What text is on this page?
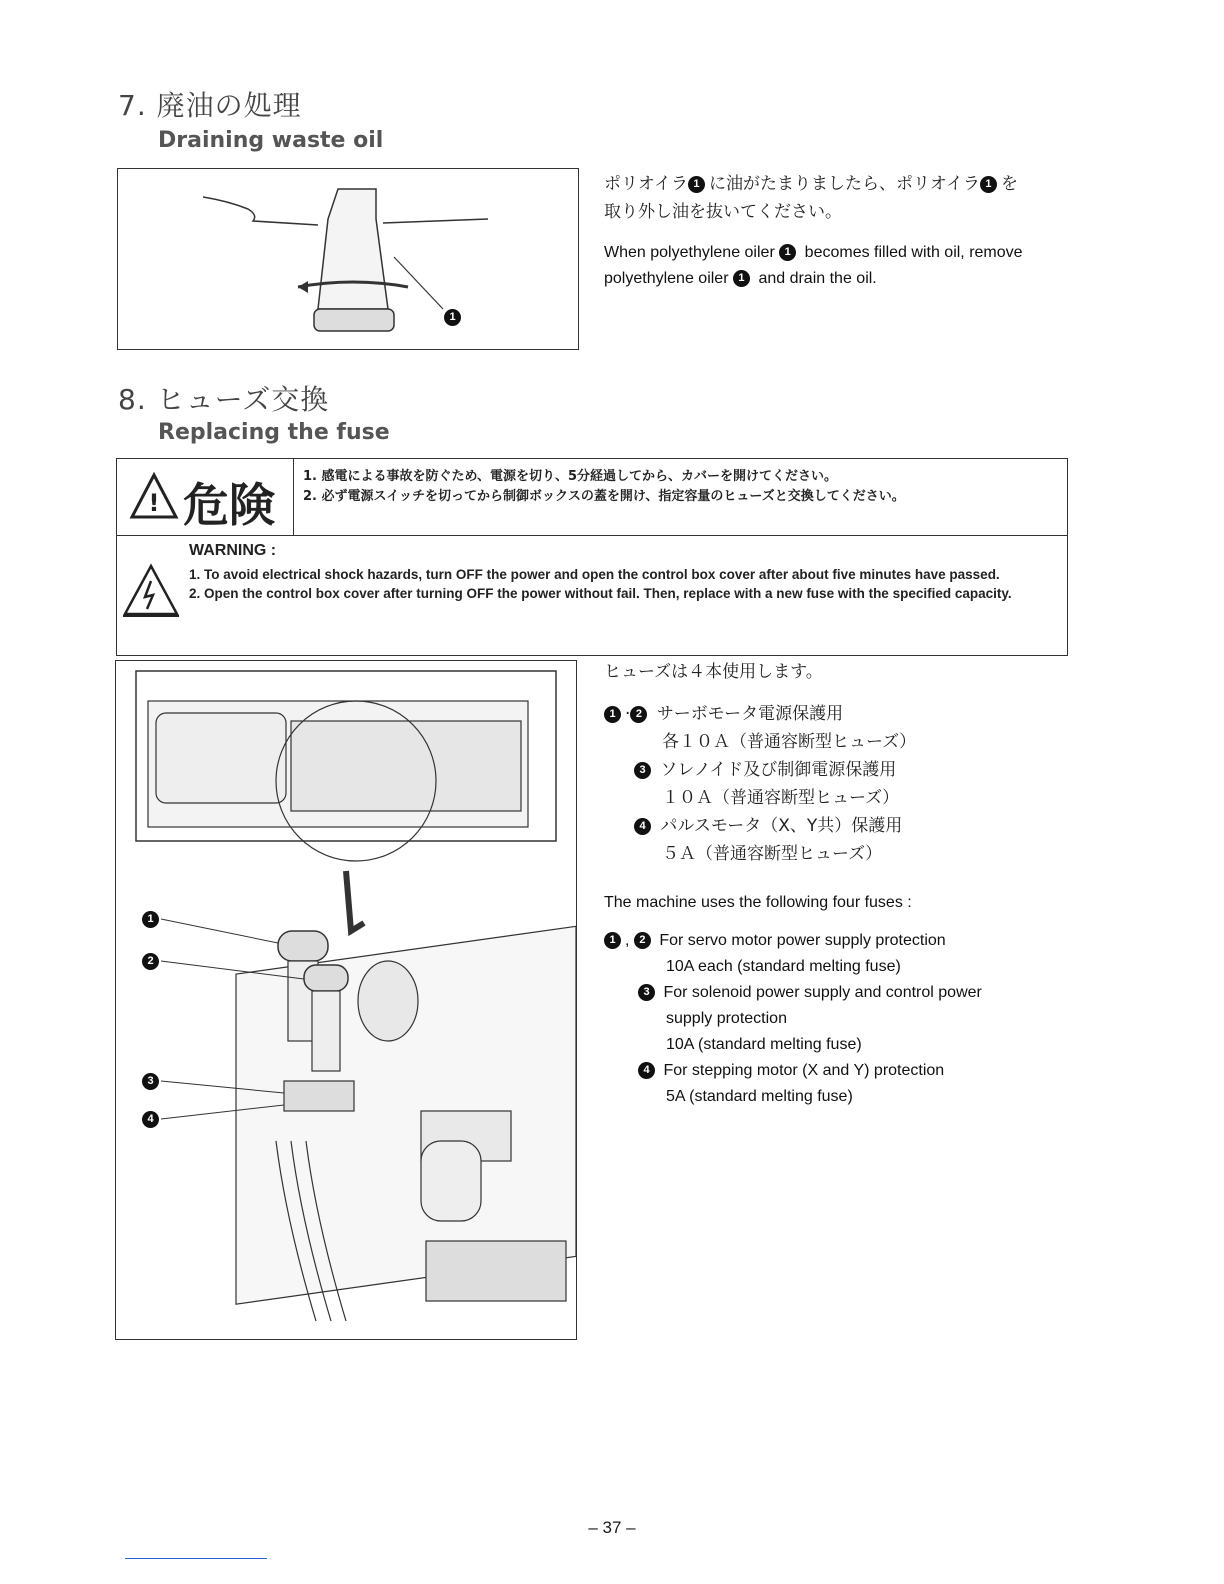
7. 廃油の処理
Draining waste oil
1
ポリオイラ 1 に油がたまりましたら、ポリオイラ 1 を
取り外し油を抜いてください。
When polyethylene oiler 1 becomes filled with oil, remove
polyethylene oiler 1 and drain the oil.
8. ヒューズ交換
Replacing the fuse
! 危険
1. 感電による事故を防ぐため、電源を切り、5分経過してから、カバーを開けてください。
2. 必ず電源スイッチを切ってから制御ボックスの蓋を開け、指定容量のヒューズと交換してください。
WARNING :
1. To avoid electrical shock hazards, turn OFF the power and open the control box cover after about five minutes have passed.
2. Open the control box cover after turning OFF the power without fail. Then, replace with a new fuse with the specified capacity.
1
2
3
4
ヒューズは４本使用します。
1 · 2 サーボモータ電源保護用
各１０Ａ（普通容断型ヒューズ）
3 ソレノイド及び制御電源保護用
１０Ａ（普通容断型ヒューズ）
4 パルスモータ（X、Y共）保護用
５Ａ（普通容断型ヒューズ）
The machine uses the following four fuses :
1 , 2 For servo motor power supply protection
10A each (standard melting fuse)
3 For solenoid power supply and control power
supply protection
10A (standard melting fuse)
4 For stepping motor (X and Y) protection
5A (standard melting fuse)
– 37 –
